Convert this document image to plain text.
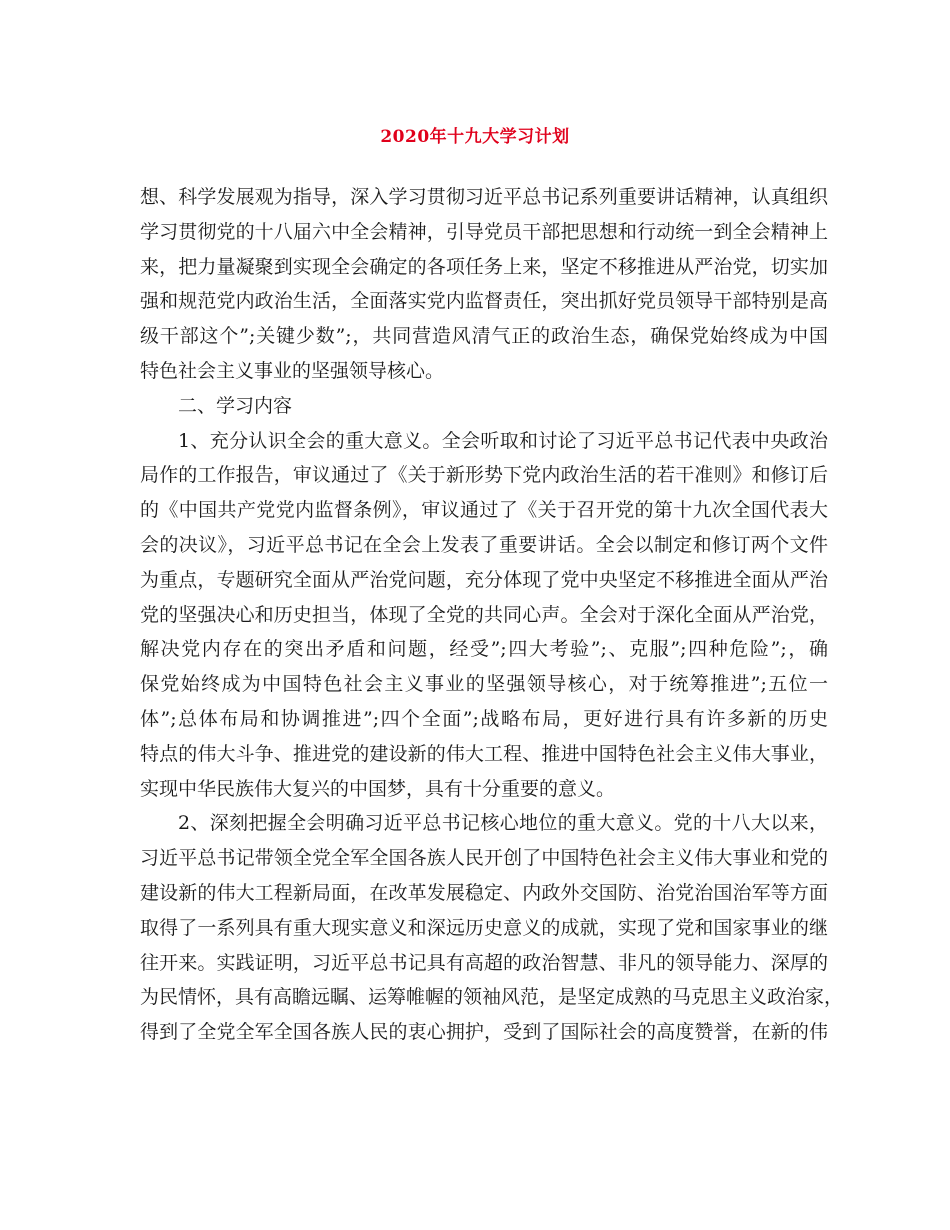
2020年十九大学习计划
想、科学发展观为指导，深入学习贯彻习近平总书记系列重要讲话精神，认真组织
学习贯彻党的十八届六中全会精神，引导党员干部把思想和行动统一到全会精神上
来，把力量凝聚到实现全会确定的各项任务上来，坚定不移推进从严治党，切实加
强和规范党内政治生活，全面落实党内监督责任，突出抓好党员领导干部特别是高
级干部这个”;关键少数”;，共同营造风清气正的政治生态，确保党始终成为中国
特色社会主义事业的坚强领导核心。
二、学习内容
1、充分认识全会的重大意义。全会听取和讨论了习近平总书记代表中央政治
局作的工作报告，审议通过了《关于新形势下党内政治生活的若干准则》和修订后
的《中国共产党党内监督条例》，审议通过了《关于召开党的第十九次全国代表大
会的决议》，习近平总书记在全会上发表了重要讲话。全会以制定和修订两个文件
为重点，专题研究全面从严治党问题，充分体现了党中央坚定不移推进全面从严治
党的坚强决心和历史担当，体现了全党的共同心声。全会对于深化全面从严治党，
解决党内存在的突出矛盾和问题，经受”;四大考验”;、克服”;四种危险”;，确
保党始终成为中国特色社会主义事业的坚强领导核心，对于统筹推进”;五位一
体”;总体布局和协调推进”;四个全面”;战略布局，更好进行具有许多新的历史
特点的伟大斗争、推进党的建设新的伟大工程、推进中国特色社会主义伟大事业，
实现中华民族伟大复兴的中国梦，具有十分重要的意义。
2、深刻把握全会明确习近平总书记核心地位的重大意义。党的十八大以来，
习近平总书记带领全党全军全国各族人民开创了中国特色社会主义伟大事业和党的
建设新的伟大工程新局面，在改革发展稳定、内政外交国防、治党治国治军等方面
取得了一系列具有重大现实意义和深远历史意义的成就，实现了党和国家事业的继
往开来。实践证明，习近平总书记具有高超的政治智慧、非凡的领导能力、深厚的
为民情怀，具有高瞻远瞩、运筹帷幄的领袖风范，是坚定成熟的马克思主义政治家，
得到了全党全军全国各族人民的衷心拥护，受到了国际社会的高度赞誉，在新的伟
